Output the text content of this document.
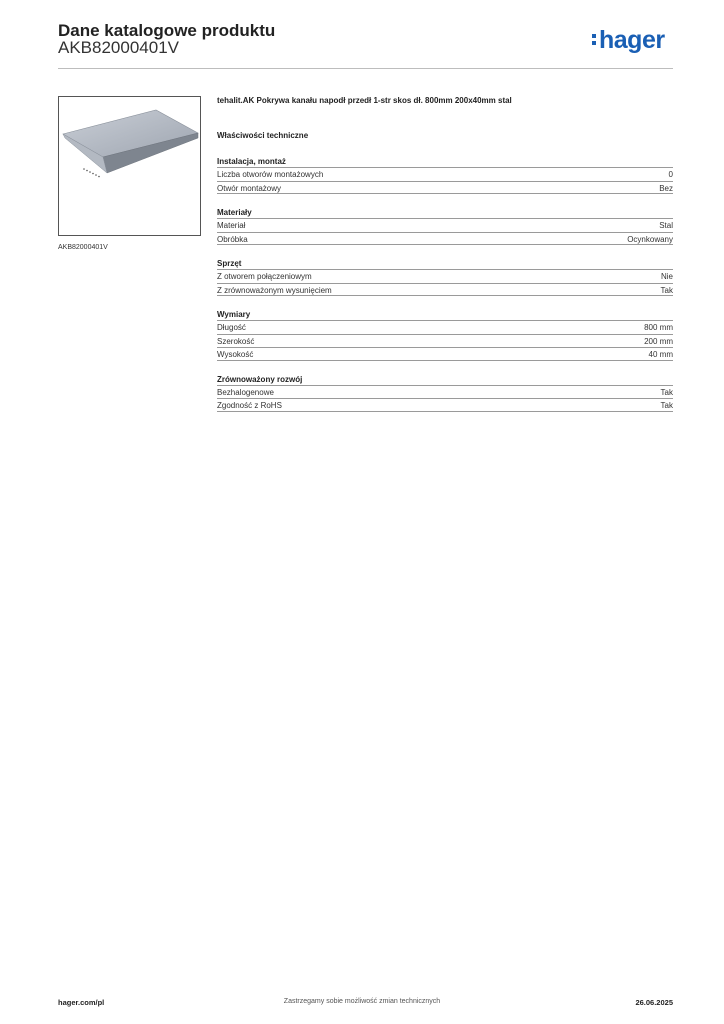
Dane katalogowe produktu
AKB82000401V	hager
AKB82000401V
tehalit.AK Pokrywa kanału napodł przedł 1-str skos dł. 800mm 200x40mm stal
Właściwości techniczne
Instalacja, montaż
Liczba otworów montażowych	0
Otwór montażowy	Bez
Materiały
Materiał	Stal
Obróbka	Ocynkowany
Sprzęt
Z otworem połączeniowym	Nie
Z zrównoważonym wysunięciem	Tak
Wymiary
Długość	800 mm
Szerokość	200 mm
Wysokość	40 mm
Zrównoważony rozwój
Bezhalogenowe	Tak
Zgodność z RoHS	Tak
hager.com/pl	Zastrzegamy sobie możliwość zmian technicznych	26.06.2025
